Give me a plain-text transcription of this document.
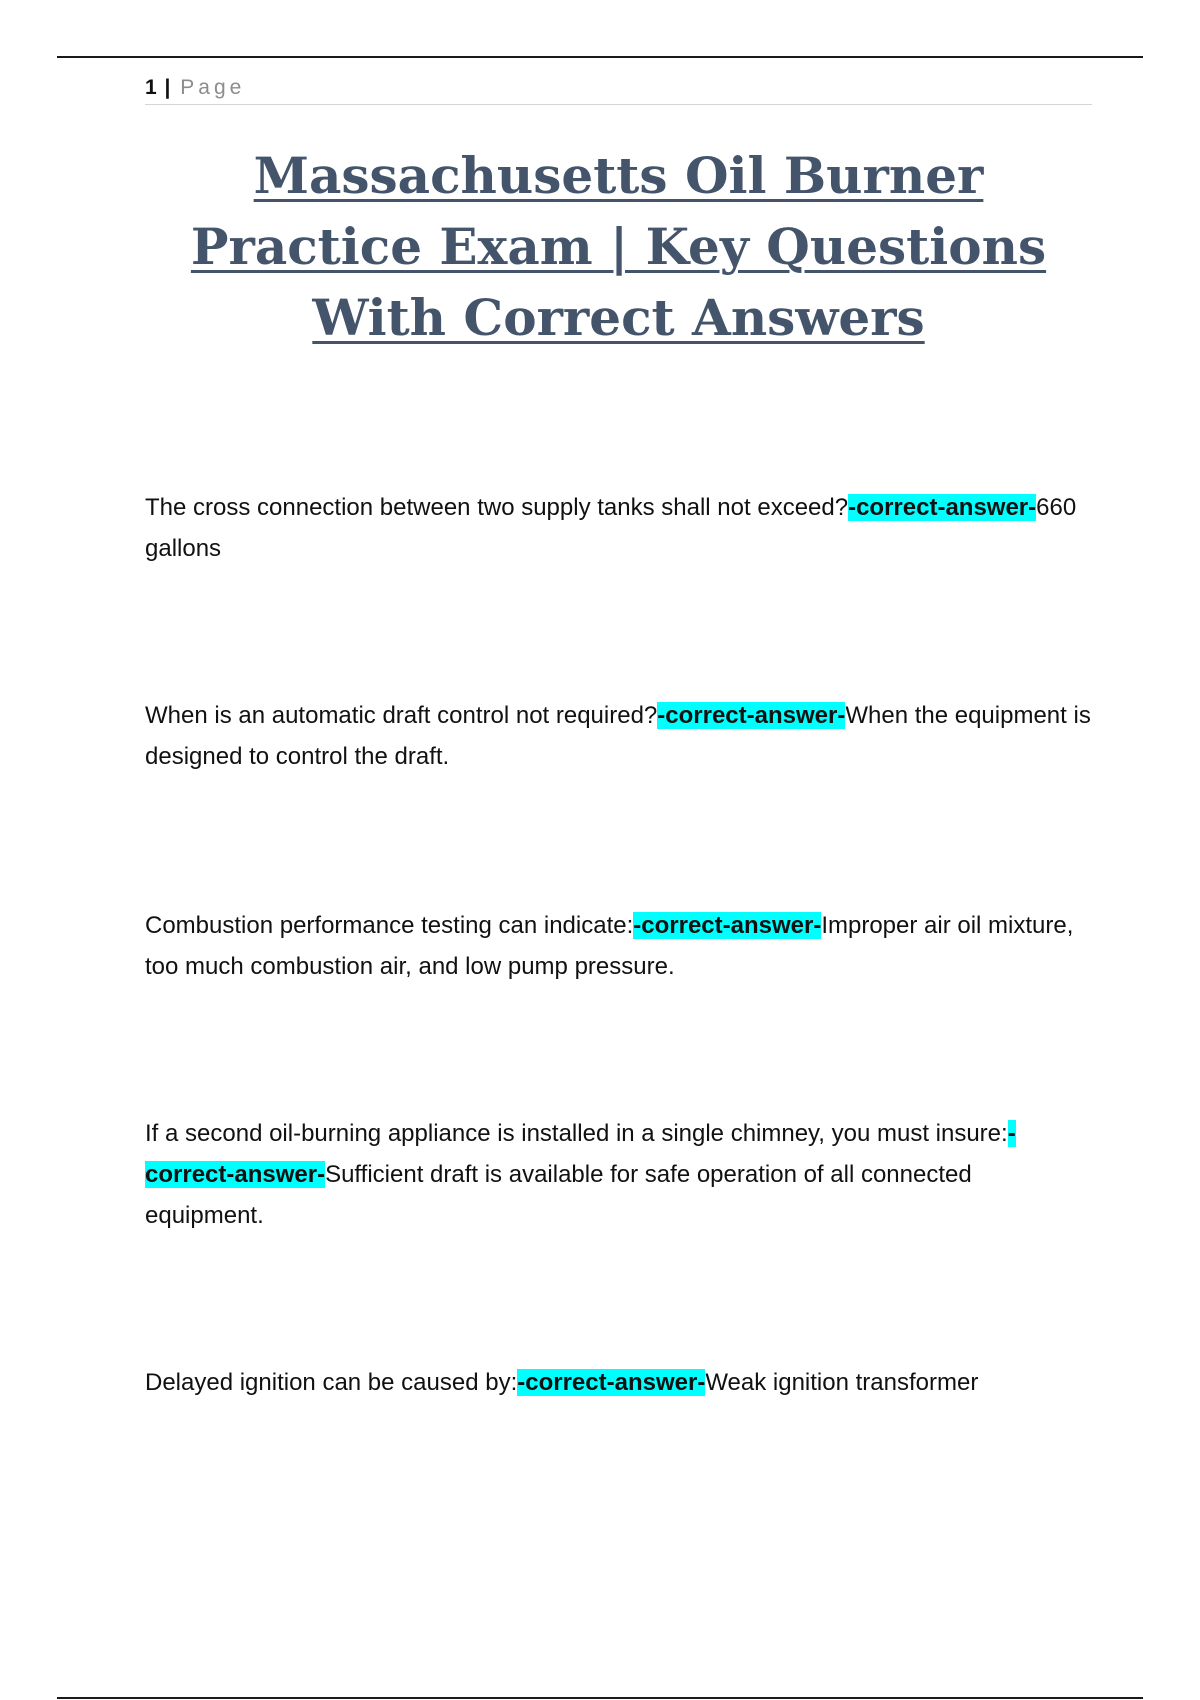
1 | Page
Massachusetts Oil Burner Practice Exam | Key Questions With Correct Answers

The cross connection between two supply tanks shall not exceed?-correct-answer-660 gallons

When is an automatic draft control not required?-correct-answer-When the equipment is designed to control the draft.

Combustion performance testing can indicate:-correct-answer-Improper air oil mixture, too much combustion air, and low pump pressure.

If a second oil-burning appliance is installed in a single chimney, you must insure:-correct-answer-Sufficient draft is available for safe operation of all connected equipment.

Delayed ignition can be caused by:-correct-answer-Weak ignition transformer
